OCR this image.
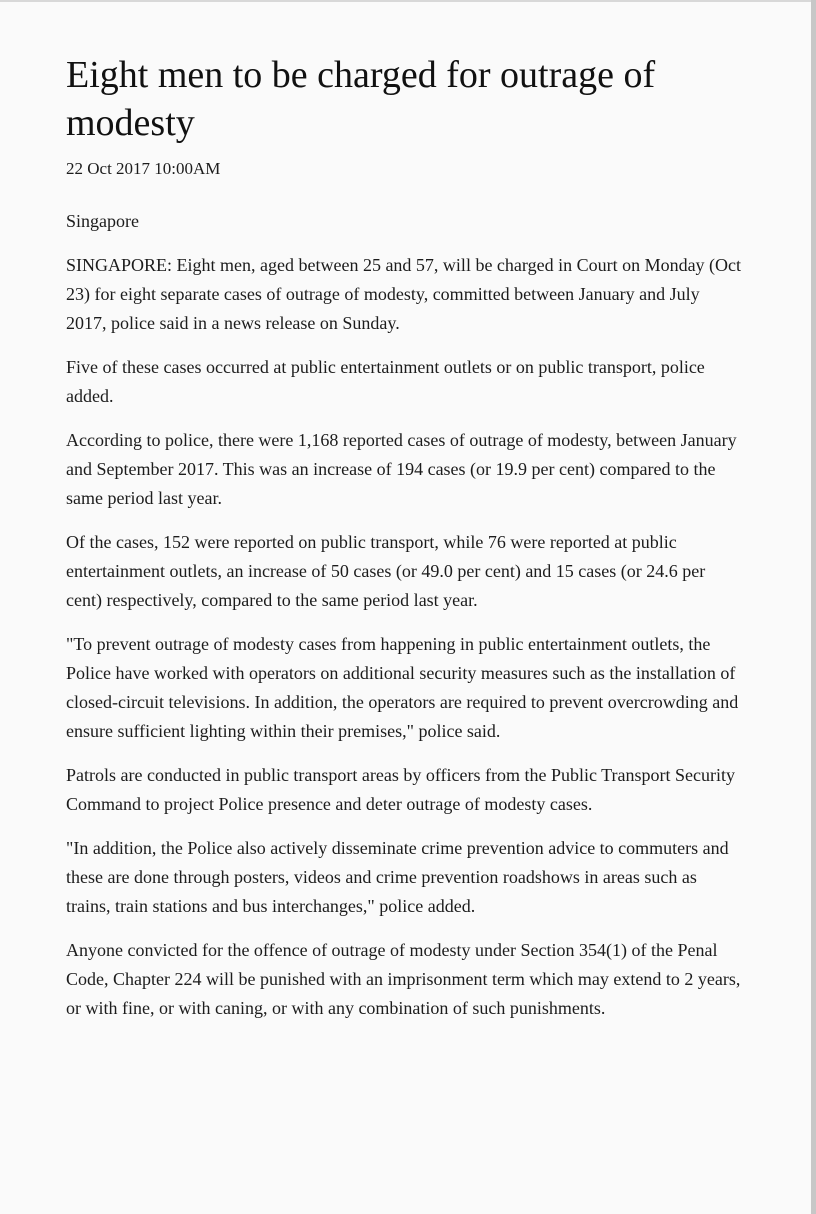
Eight men to be charged for outrage of modesty
22 Oct 2017 10:00AM

Singapore

SINGAPORE: Eight men, aged between 25 and 57, will be charged in Court on Monday (Oct 23) for eight separate cases of outrage of modesty, committed between January and July 2017, police said in a news release on Sunday.

Five of these cases occurred at public entertainment outlets or on public transport, police added.

According to police, there were 1,168 reported cases of outrage of modesty, between January and September 2017. This was an increase of 194 cases (or 19.9 per cent) compared to the same period last year.

Of the cases, 152 were reported on public transport, while 76 were reported at public entertainment outlets, an increase of 50 cases (or 49.0 per cent) and 15 cases (or 24.6 per cent) respectively, compared to the same period last year.

"To prevent outrage of modesty cases from happening in public entertainment outlets, the Police have worked with operators on additional security measures such as the installation of closed-circuit televisions. In addition, the operators are required to prevent overcrowding and ensure sufficient lighting within their premises," police said.

Patrols are conducted in public transport areas by officers from the Public Transport Security Command to project Police presence and deter outrage of modesty cases.

"In addition, the Police also actively disseminate crime prevention advice to commuters and these are done through posters, videos and crime prevention roadshows in areas such as trains, train stations and bus interchanges," police added.

Anyone convicted for the offence of outrage of modesty under Section 354(1) of the Penal Code, Chapter 224 will be punished with an imprisonment term which may extend to 2 years, or with fine, or with caning, or with any combination of such punishments.
